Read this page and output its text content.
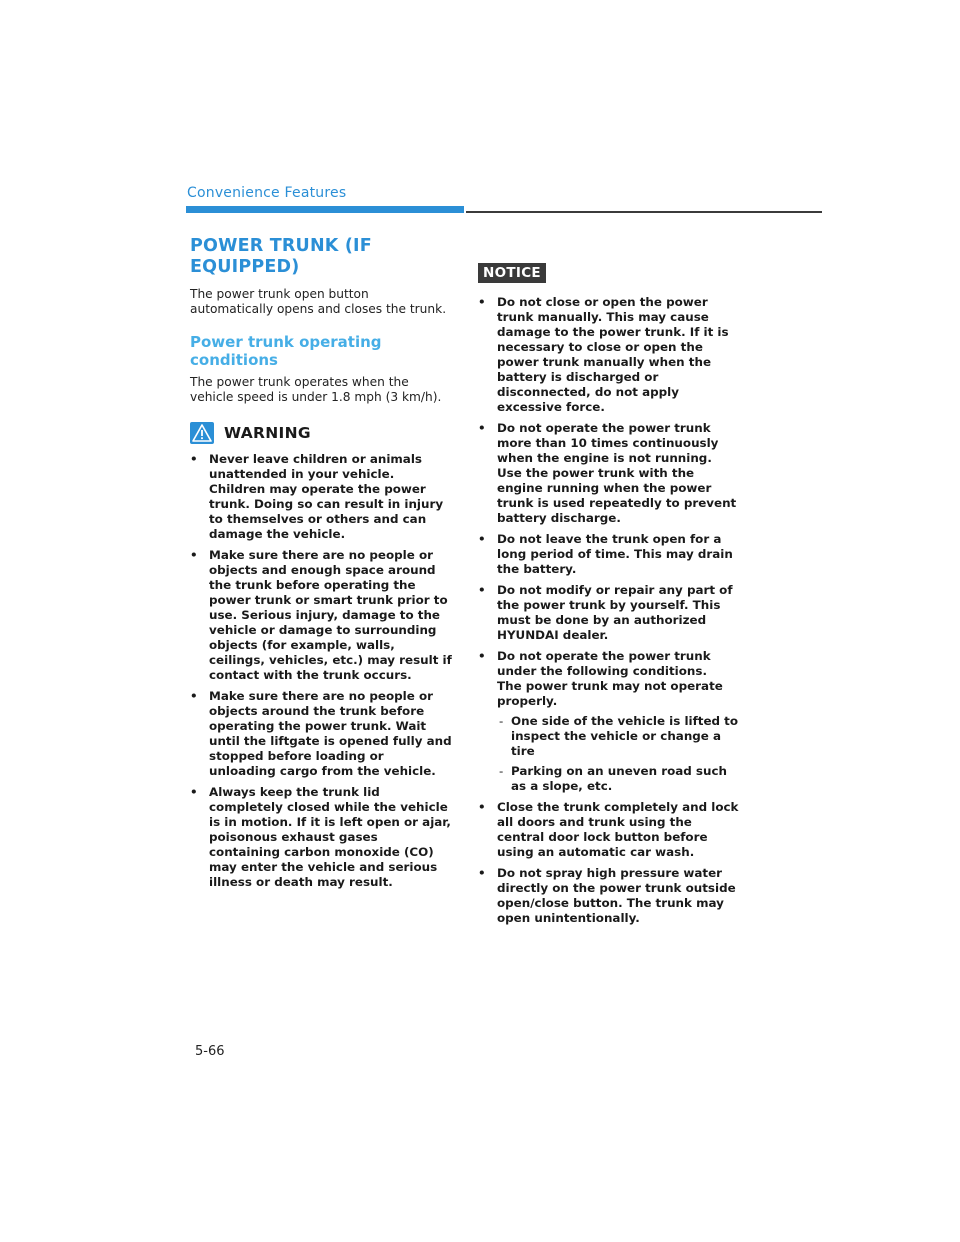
Convenience Features
POWER TRUNK (IF EQUIPPED)

The power trunk open button automatically opens and closes the trunk.

Power trunk operating conditions

The power trunk operates when the vehicle speed is under 1.8 mph (3 km/h).

WARNING
• Never leave children or animals unattended in your vehicle. Children may operate the power trunk. Doing so can result in injury to themselves or others and can damage the vehicle.
• Make sure there are no people or objects and enough space around the trunk before operating the power trunk or smart trunk prior to use. Serious injury, damage to the vehicle or damage to surrounding objects (for example, walls, ceilings, vehicles, etc.) may result if contact with the trunk occurs.
• Make sure there are no people or objects around the trunk before operating the power trunk. Wait until the liftgate is opened fully and stopped before loading or unloading cargo from the vehicle.
• Always keep the trunk lid completely closed while the vehicle is in motion. If it is left open or ajar, poisonous exhaust gases containing carbon monoxide (CO) may enter the vehicle and serious illness or death may result.
NOTICE
• Do not close or open the power trunk manually. This may cause damage to the power trunk. If it is necessary to close or open the power trunk manually when the battery is discharged or disconnected, do not apply excessive force.
• Do not operate the power trunk more than 10 times continuously when the engine is not running. Use the power trunk with the engine running when the power trunk is used repeatedly to prevent battery discharge.
• Do not leave the trunk open for a long period of time. This may drain the battery.
• Do not modify or repair any part of the power trunk by yourself. This must be done by an authorized HYUNDAI dealer.
• Do not operate the power trunk under the following conditions.
The power trunk may not operate properly.
- One side of the vehicle is lifted to inspect the vehicle or change a tire
- Parking on an uneven road such as a slope, etc.
• Close the trunk completely and lock all doors and trunk using the central door lock button before using an automatic car wash.
• Do not spray high pressure water directly on the power trunk outside open/close button. The trunk may open unintentionally.
5-66
